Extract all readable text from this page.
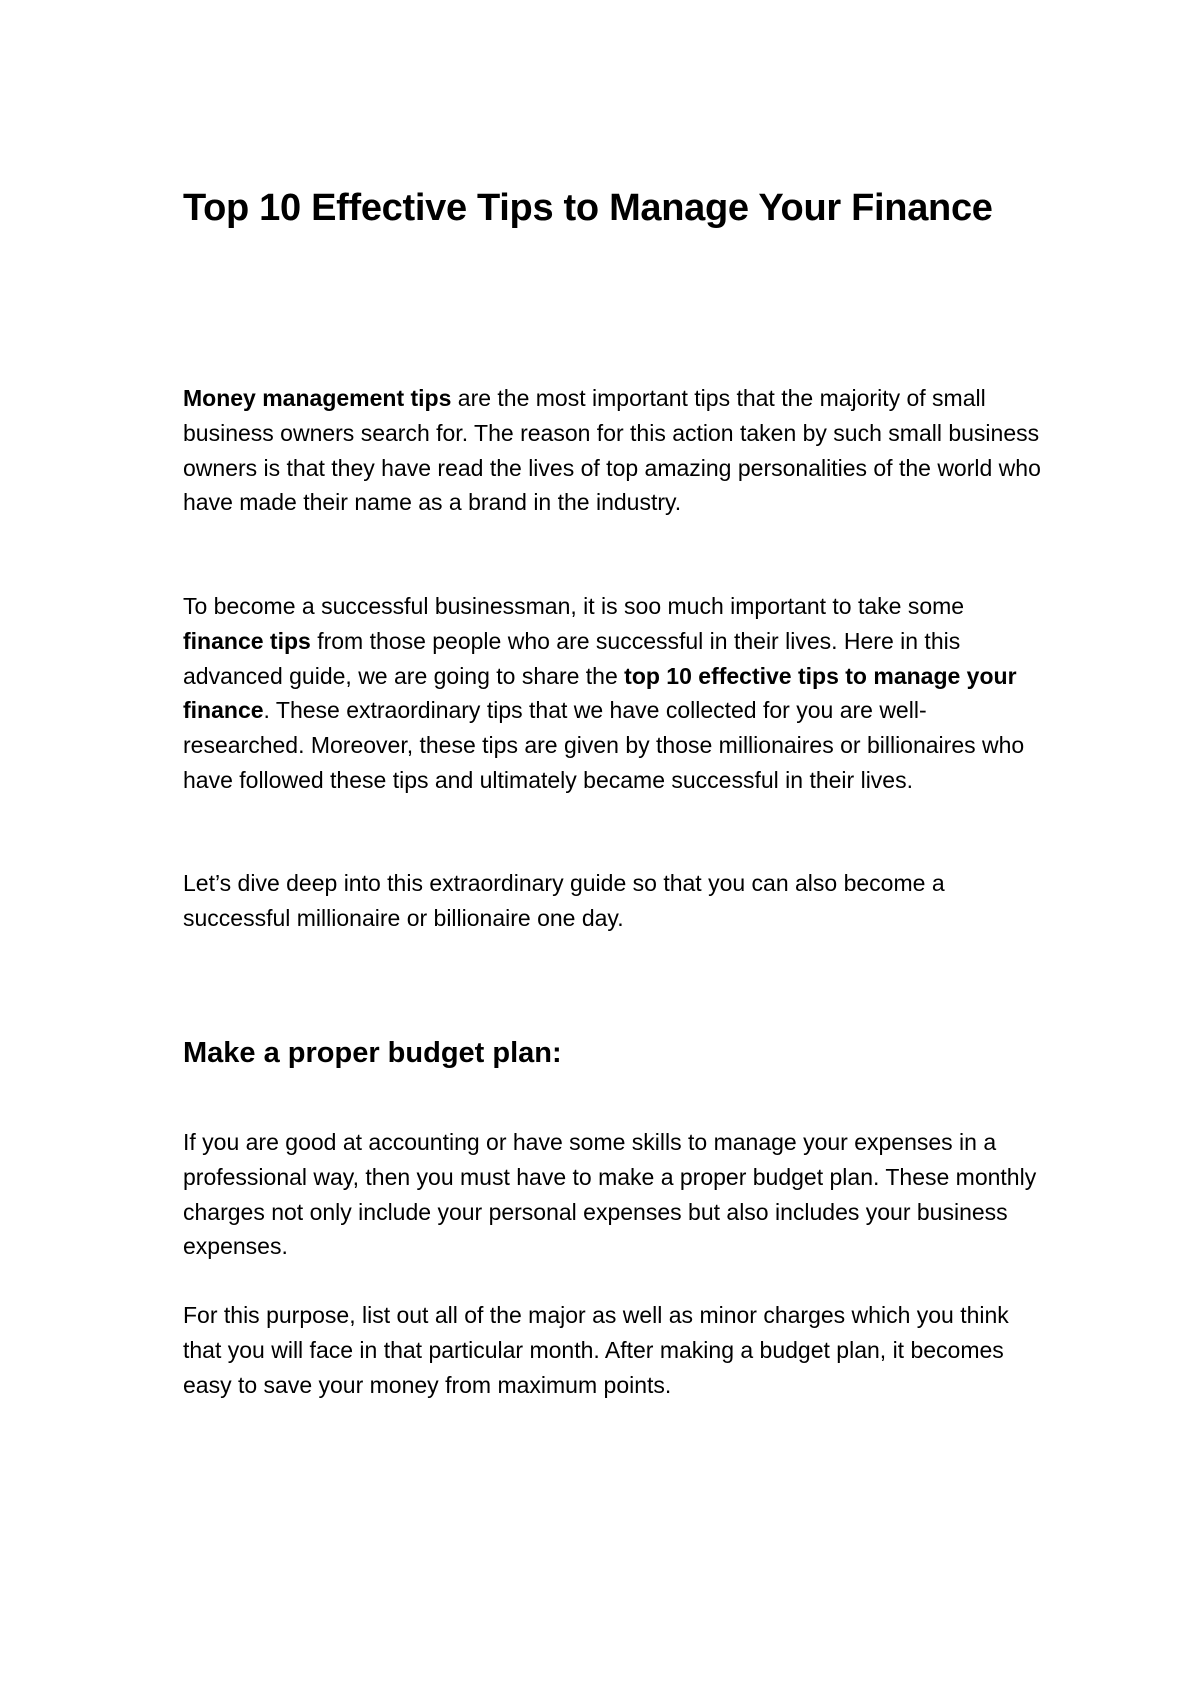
Top 10 Effective Tips to Manage Your Finance

Money management tips are the most important tips that the majority of small business owners search for. The reason for this action taken by such small business owners is that they have read the lives of top amazing personalities of the world who have made their name as a brand in the industry.

To become a successful businessman, it is soo much important to take some finance tips from those people who are successful in their lives. Here in this advanced guide, we are going to share the top 10 effective tips to manage your finance. These extraordinary tips that we have collected for you are well-researched. Moreover, these tips are given by those millionaires or billionaires who have followed these tips and ultimately became successful in their lives.

Let’s dive deep into this extraordinary guide so that you can also become a successful millionaire or billionaire one day.

Make a proper budget plan:

If you are good at accounting or have some skills to manage your expenses in a professional way, then you must have to make a proper budget plan. These monthly charges not only include your personal expenses but also includes your business expenses.

For this purpose, list out all of the major as well as minor charges which you think that you will face in that particular month. After making a budget plan, it becomes easy to save your money from maximum points.
